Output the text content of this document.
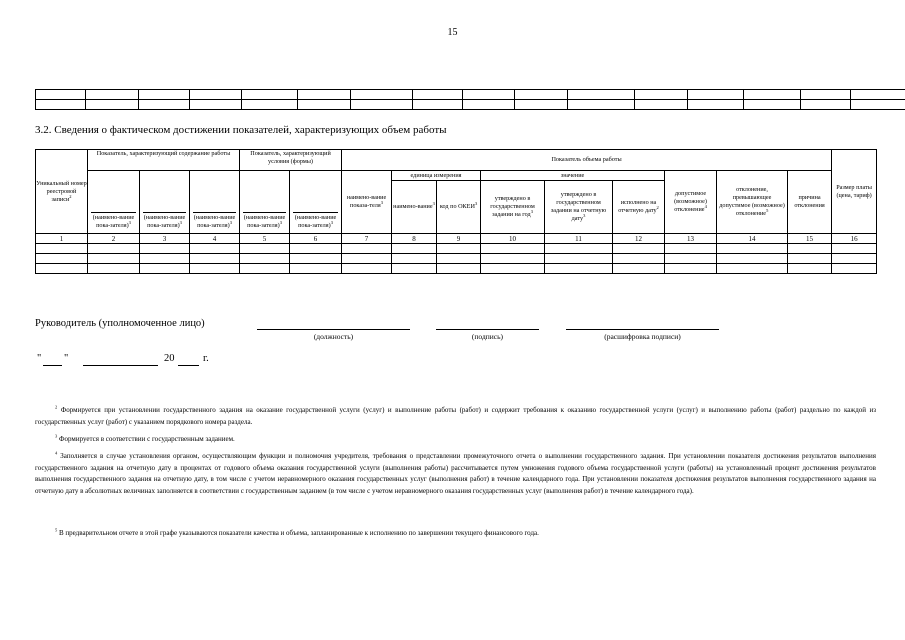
15

3.2. Сведения о фактическом достижении показателей, характеризующих объем работы
Уникальный номер реестровой записи$^2$	Показатель, характеризующий содержание работы			Показатель, характеризующий условия (формы)		Показатель объема работы									Размер платы (цена, тариф)

	(наимено-вание пока-зателя)$^3$	(наимено-вание пока-зателя)$^3$	(наимено-вание пока-зателя)$^3$	(наимено-вание пока-зателя)$^3$	(наимено-вание пока-зателя)$^3$	наимено-вание показа-теля$^3$	единица измерения		значение			допустимое (возможное) отклонение$^4$	отклонение, превышающее допустимое (возможное) отклонение$^5$	причина отклонения	
							наимено-вание$^3$	код по ОКЕИ$^3$	утверждено в государственном задании на год$^3$	утверждено в государственном задании на отчетную дату$^3$	исполнено на отчетную дату$^2$
1	2	3	4	5	6	7	8	9	10	11	12	13	14	15	16

Руководитель (уполномоченное лицо)
(должность)	(подпись)	(расшифровка подписи)
" "	20	г.
$^2$ Формируется при установлении государственного задания на оказание государственной услуги (услуг) и выполнение работы (работ) и содержит требования к оказанию государственной услуги (услуг) и выполнению работы (работ) раздельно по каждой из государственных услуг (работ) с указанием порядкового номера раздела.
$^3$ Формируется в соответствии с государственным заданием.
$^4$ Заполняется в случае установления органом, осуществляющим функции и полномочия учредителя, требования о представлении промежуточного отчета о выполнении государственного задания. При установлении показателя достижения результатов выполнения государственного задания на отчетную дату в процентах от годового объема оказания государственной услуги (выполнения работы) рассчитывается путем умножения годового объема государственной услуги (работы) на установленный процент достижения результатов выполнения государственного задания на отчетную дату, в том числе с учетом неравномерного оказания государственных услуг (выполнения работ) в течение календарного года. При установлении показателя достижения результатов выполнения государственного задания на отчетную дату в абсолютных величинах заполняется в соответствии с государственным заданием (в том числе с учетом неравномерного оказания государственных услуг (выполнения работ) в течение календарного года).
$^5$ В предварительном отчете в этой графе указываются показатели качества и объема, запланированные к исполнению по завершении текущего финансового года.
